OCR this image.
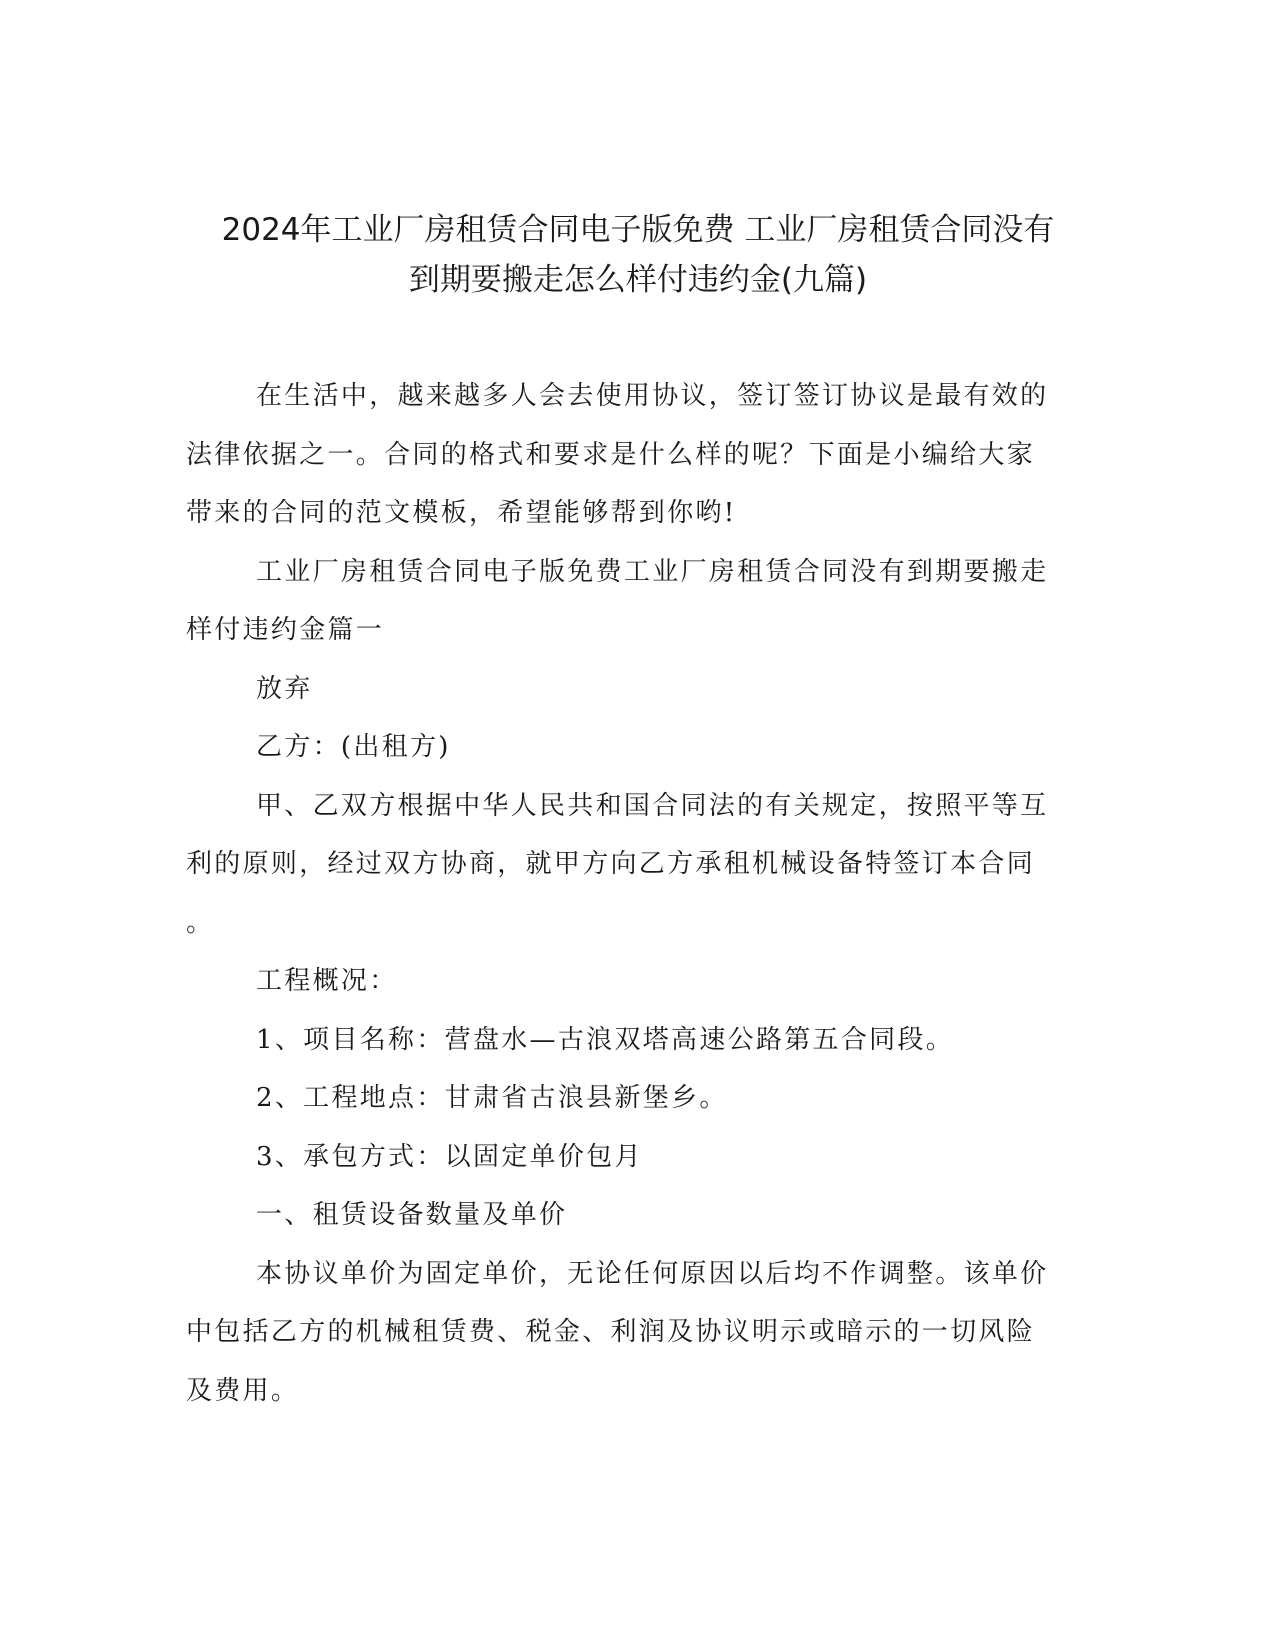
2024年工业厂房租赁合同电子版免费 工业厂房租赁合同没有
到期要搬走怎么样付违约金(九篇)

在生活中，越来越多人会去使用协议，签订签订协议是最有效的
法律依据之一。合同的格式和要求是什么样的呢？下面是小编给大家
带来的合同的范文模板，希望能够帮到你哟!

工业厂房租赁合同电子版免费工业厂房租赁合同没有到期要搬走
样付违约金篇一

放弃

乙方：(出租方)

甲、乙双方根据中华人民共和国合同法的有关规定，按照平等互
利的原则，经过双方协商，就甲方向乙方承租机械设备特签订本合同
。

工程概况：

1、项目名称：营盘水—古浪双塔高速公路第五合同段。

2、工程地点：甘肃省古浪县新堡乡。

3、承包方式：以固定单价包月

一、租赁设备数量及单价

本协议单价为固定单价，无论任何原因以后均不作调整。该单价
中包括乙方的机械租赁费、税金、利润及协议明示或暗示的一切风险
及费用。
